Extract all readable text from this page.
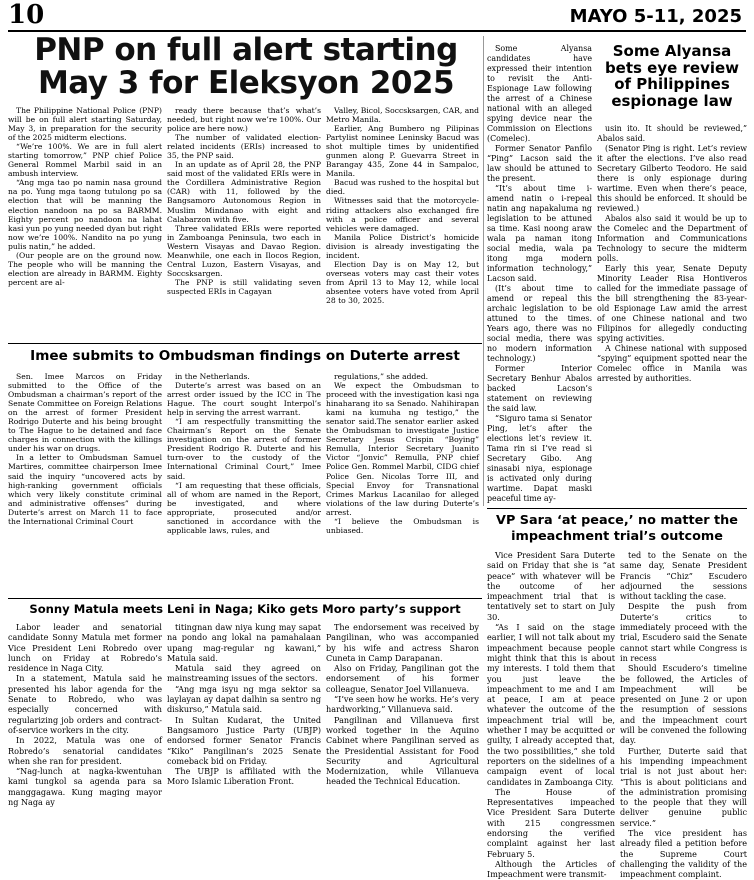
10	MAYO 5-11, 2025
PNP on full alert starting
May 3 for Eleksyon 2025

The Philippine National Police (PNP) will be on full alert starting Saturday, May 3, in preparation for the security of the 2025 midterm elections.

“We’re 100%. We are in full alert starting tomorrow,” PNP chief Police General Rommel Marbil said in an ambush interview.

“Ang mga tao po namin nasa ground na po. Yung mga taong tutulong po sa election that will be manning the election nandoon na po sa BARMM. Eighty percent po nandoon na lahat kasi yun po yung needed dyan but right now we’re 100%. Nandito na po yung pulis natin,” he added.

(Our people are on the ground now. The people who will be manning the election are already in BARMM. Eighty percent are al-

ready there because that’s what’s needed, but right now we’re 100%. Our police are here now.)

The number of validated election-related incidents (ERIs) increased to 35, the PNP said.

In an update as of April 28, the PNP said most of the validated ERIs were in the Cordillera Administrative Region (CAR) with 11, followed by the Bangsamoro Autonomous Region in Muslim Mindanao with eight and Calabarzon with five.

Three validated ERIs were reported in Zamboanga Peninsula, two each in Western Visayas and Davao Region. Meanwhile, one each in Ilocos Region, Central Luzon, Eastern Visayas, and Soccsksargen.

The PNP is still validating seven suspected ERIs in Cagayan

Valley, Bicol, Soccsksargen, CAR, and Metro Manila.

Earlier, Ang Bumbero ng Pilipinas Partylist nominee Leninsky Bacud was shot multiple times by unidentified gunmen along P. Guevarra Street in Barangay 435, Zone 44 in Sampaloc, Manila.

Bacud was rushed to the hospital but died.

Witnesses said that the motorcycle-riding attackers also exchanged fire with a police officer and several vehicles were damaged.

Manila Police District’s homicide division is already investigating the incident.

Election Day is on May 12, but overseas voters may cast their votes from April 13 to May 12, while local absentee voters have voted from April 28 to 30, 2025.

Some Alyansa
bets eye review
of Philippines
espionage law

Some Alyansa candidates have expressed their intention to revisit the Anti-Espionage Law following the arrest of a Chinese national with an alleged spying device near the Commission on Elections (Comelec).

Former Senator Panfilo “Ping” Lacson said the law should be attuned to the present.

“It’s about time i-amend natin o i-repeal natin ang napakaluma ng legislation to be attuned sa time. Kasi noong araw wala pa naman itong social media, wala pa itong mga modern information technology,” Lacson said.

(It’s about time to amend or repeal this archaic legislation to be attuned to the times. Years ago, there was no social media, there was no modern information technology.)

Former Interior Secretary Benhur Abalos backed Lacson’s statement on reviewing the said law.

“Siguro tama si Senator Ping, let’s after the elections let’s review it. Tama rin si I’ve read si Secretary Gibo. Ang sinasabi niya, espionage is activated only during wartime. Dapat maski peaceful time ay-

usin ito. It should be reviewed,” Abalos said.

(Senator Ping is right. Let’s review it after the elections. I’ve also read Secretary Gilberto Teodoro. He said there is only espionage during wartime. Even when there’s peace, this should be enforced. It should be reviewed.)

Abalos also said it would be up to the Comelec and the Department of Information and Communications Technology to secure the midterm polls.

Early this year, Senate Deputy Minority Leader Risa Hontiveros called for the immediate passage of the bill strengthening the 83-year-old Espionage Law amid the arrest of one Chinese national and two Filipinos for allegedly conducting spying activities.

A Chinese national with supposed “spying” equipment spotted near the Comelec office in Manila was arrested by authorities.

Imee submits to Ombudsman findings on Duterte arrest

Sen. Imee Marcos on Friday submitted to the Office of the Ombudsman a chairman’s report of the Senate Committee on Foreign Relations on the arrest of former President Rodrigo Duterte and his being brought to The Hague to be detained and face charges in connection with the killings under his war on drugs.

In a letter to Ombudsman Samuel Martires, committee chairperson Imee said the inquiry “uncovered acts by high-ranking government officials which very likely constitute criminal and administrative offenses” during Duterte’s arrest on March 11 to face the International Criminal Court

in the Netherlands.

Duterte’s arrest was based on an arrest order issued by the ICC in The Hague. The court sought Interpol’s help in serving the arrest warrant.

“I am respectfully transmitting the Chairman’s Report on the Senate investigation on the arrest of former President Rodrigo R. Duterte and his turn-over to the custody of the International Criminal Court,” Imee said.

“I am requesting that these officials, all of whom are named in the Report, be investigated, and where appropriate, prosecuted and/or sanctioned in accordance with the applicable laws, rules, and

regulations,” she added.

We expect the Ombudsman to proceed with the investigation kasi nga hinaharang ito sa Senado. Nahihirapan kami na kumuha ng testigo,” the senator said.The senator earlier asked the Ombudsman to investigate Justice Secretary Jesus Crispin “Boying” Remulla, Interior Secretary Juanito Victor “Jonvic” Remulla, PNP chief Police Gen. Rommel Marbil, CIDG chief Police Gen. Nicolas Torre III, and Special Envoy for Transnational Crimes Markus Lacanilao for alleged violations of the law during Duterte’s arrest.

“I believe the Ombudsman is unbiased.

Sonny Matula meets Leni in Naga; Kiko gets Moro party’s support

Labor leader and senatorial candidate Sonny Matula met former Vice President Leni Robredo over lunch on Friday at Robredo’s residence in Naga City.

In a statement, Matula said he presented his labor agenda for the Senate to Robredo, who was especially concerned with regularizing job orders and contract-of-service workers in the city.

In 2022, Matula was one of Robredo’s senatorial candidates when she ran for president.

“Nag-lunch at nagka-kwentuhan kami tungkol sa agenda para sa manggagawa. Kung maging mayor ng Naga ay

titingnan daw niya kung may sapat na pondo ang lokal na pamahalaan upang mag-regular ng kawani,” Matula said.

Matula said they agreed on mainstreaming issues of the sectors.

“Ang mga isyu ng mga sektor sa laylayan ay dapat dalhin sa sentro ng diskurso,” Matula said.

In Sultan Kudarat, the United Bangsamoro Justice Party (UBJP) endorsed former Senator Francis “Kiko” Pangilinan’s 2025 Senate comeback bid on Friday.

The UBJP is affiliated with the Moro Islamic Liberation Front.

The endorsement was received by Pangilinan, who was accompanied by his wife and actress Sharon Cuneta in Camp Darapanan.

Also on Friday, Pangilinan got the endorsement of his former colleague, Senator Joel Villanueva.

“I’ve seen how he works. He’s very hardworking,” Villanueva said.

Pangilinan and Villanueva first worked together in the Aquino Cabinet where Pangilinan served as the Presidential Assistant for Food Security and Agricultural Modernization, while Villanueva headed the Technical Education.

VP Sara ‘at peace,’ no matter the
impeachment trial’s outcome

Vice President Sara Duterte said on Friday that she is “at peace” with whatever will be the outcome of her impeachment trial that is tentatively set to start on July 30.

“As I said on the stage earlier, I will not talk about my impeachment because people might think that this is about my interests. I told them that you just leave the impeachment to me and I am at peace, I am at peace whatever the outcome of the impeachment trial will be, whether I may be acquitted or guilty, I already accepted that, the two possibilities,” she told reporters on the sidelines of a campaign event of local candidates in Zamboanga City.

The House of Representatives impeached Vice President Sara Duterte with 215 congressmen endorsing the verified complaint against her last February 5.

Although the Articles of Impeachment were transmit-

ted to the Senate on the same day, Senate President Francis “Chiz” Escudero adjourned the sessions without tackling the case.

Despite the push from Duterte’s critics to immediately proceed with the trial, Escudero said the Senate cannot start while Congress is in recess

Should Escudero’s timeline be followed, the Articles of Impeachment will be presented on June 2 or upon the resumption of sessions and the impeachment court will be convened the following day.

Further, Duterte said that his impending impeachment trial is not just about her: “This is about politicians and the administration promising to the people that they will deliver genuine public service.”

The vice president has already filed a petition before the Supreme Court challenging the validity of the impeachment complaint.
